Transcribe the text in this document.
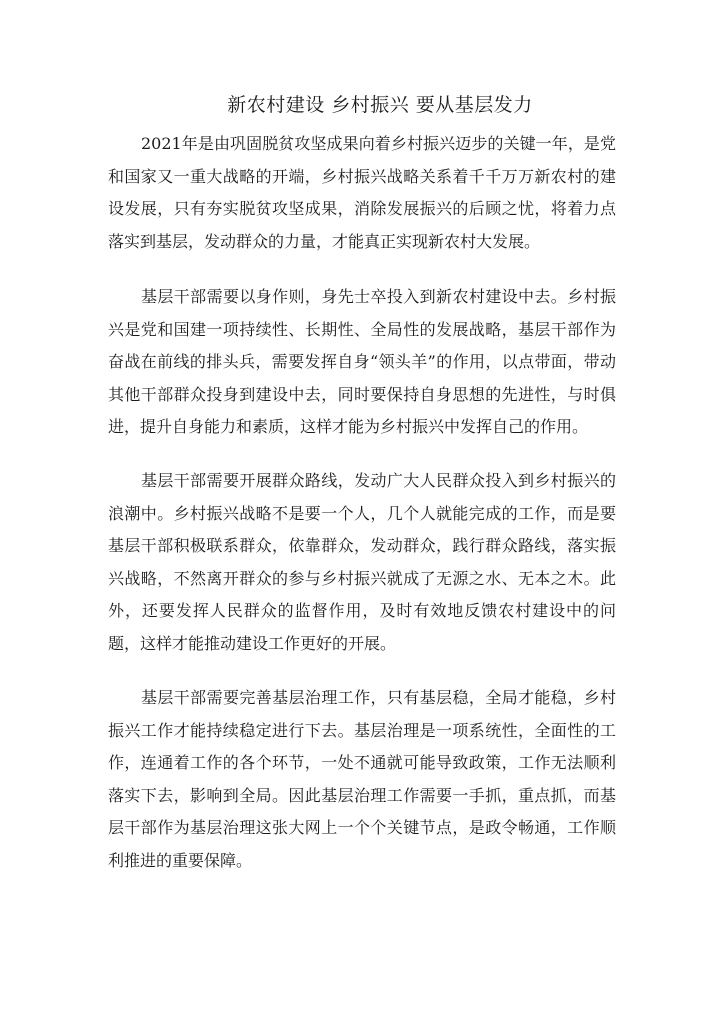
新农村建设 乡村振兴 要从基层发力

2021年是由巩固脱贫攻坚成果向着乡村振兴迈步的关键一年，是党和国家又一重大战略的开端，乡村振兴战略关系着千千万万新农村的建设发展，只有夯实脱贫攻坚成果，消除发展振兴的后顾之忧，将着力点落实到基层，发动群众的力量，才能真正实现新农村大发展。

基层干部需要以身作则，身先士卒投入到新农村建设中去。乡村振兴是党和国建一项持续性、长期性、全局性的发展战略，基层干部作为奋战在前线的排头兵，需要发挥自身“领头羊”的作用，以点带面，带动其他干部群众投身到建设中去，同时要保持自身思想的先进性，与时俱进，提升自身能力和素质，这样才能为乡村振兴中发挥自己的作用。

基层干部需要开展群众路线，发动广大人民群众投入到乡村振兴的浪潮中。乡村振兴战略不是要一个人，几个人就能完成的工作，而是要基层干部积极联系群众，依靠群众，发动群众，践行群众路线，落实振兴战略，不然离开群众的参与乡村振兴就成了无源之水、无本之木。此外，还要发挥人民群众的监督作用，及时有效地反馈农村建设中的问题，这样才能推动建设工作更好的开展。

基层干部需要完善基层治理工作，只有基层稳，全局才能稳，乡村振兴工作才能持续稳定进行下去。基层治理是一项系统性，全面性的工作，连通着工作的各个环节，一处不通就可能导致政策，工作无法顺利落实下去，影响到全局。因此基层治理工作需要一手抓，重点抓，而基层干部作为基层治理这张大网上一个个关键节点，是政令畅通，工作顺利推进的重要保障。
